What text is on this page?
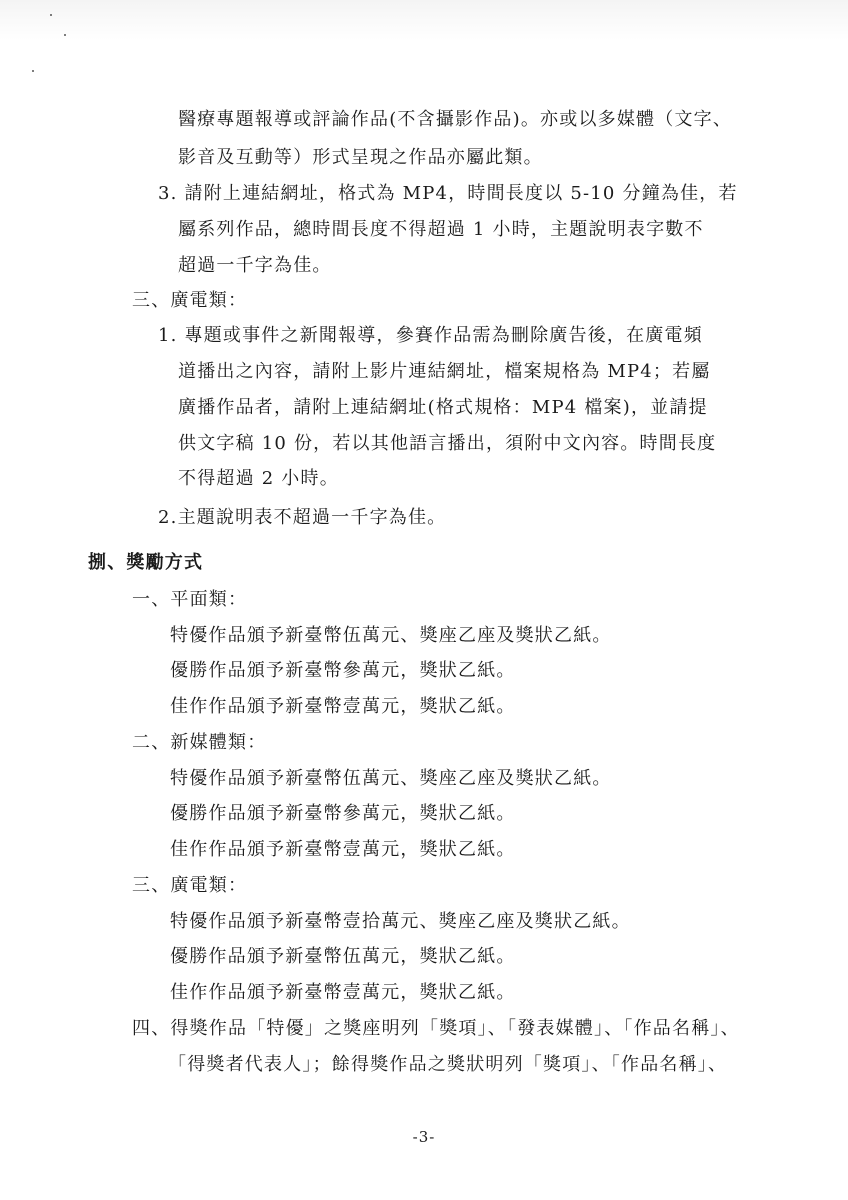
醫療專題報導或評論作品(不含攝影作品)。亦或以多媒體（文字、
影音及互動等）形式呈現之作品亦屬此類。
3. 請附上連結網址，格式為 MP4，時間長度以 5-10 分鐘為佳，若
屬系列作品，總時間長度不得超過 1 小時，主題說明表字數不
超過一千字為佳。
三、廣電類：
1. 專題或事件之新聞報導，參賽作品需為刪除廣告後，在廣電頻
道播出之內容，請附上影片連結網址，檔案規格為 MP4；若屬
廣播作品者，請附上連結網址(格式規格：MP4 檔案)，並請提
供文字稿 10 份，若以其他語言播出，須附中文內容。時間長度
不得超過 2 小時。
2.主題說明表不超過一千字為佳。
捌、獎勵方式
一、平面類：
特優作品頒予新臺幣伍萬元、獎座乙座及獎狀乙紙。
優勝作品頒予新臺幣參萬元，獎狀乙紙。
佳作作品頒予新臺幣壹萬元，獎狀乙紙。
二、新媒體類：
特優作品頒予新臺幣伍萬元、獎座乙座及獎狀乙紙。
優勝作品頒予新臺幣參萬元，獎狀乙紙。
佳作作品頒予新臺幣壹萬元，獎狀乙紙。
三、廣電類：
特優作品頒予新臺幣壹拾萬元、獎座乙座及獎狀乙紙。
優勝作品頒予新臺幣伍萬元，獎狀乙紙。
佳作作品頒予新臺幣壹萬元，獎狀乙紙。
四、得獎作品「特優」之獎座明列「獎項」、「發表媒體」、「作品名稱」、
「得獎者代表人」；餘得獎作品之獎狀明列「獎項」、「作品名稱」、
-3-
